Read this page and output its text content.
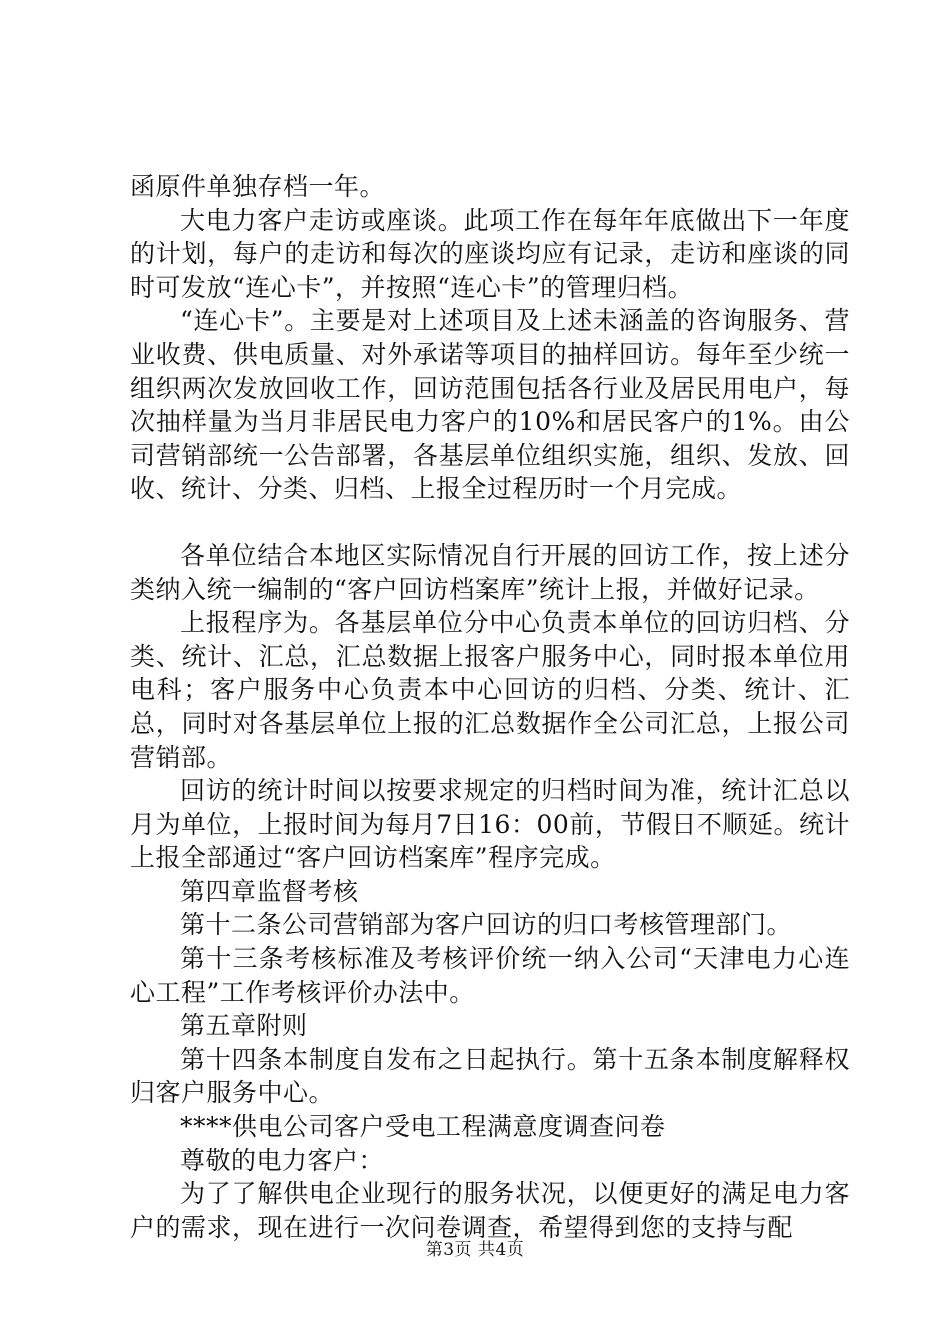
函原件单独存档一年。

大电力客户走访或座谈。此项工作在每年年底做出下一年度的计划，每户的走访和每次的座谈均应有记录，走访和座谈的同时可发放“连心卡”，并按照“连心卡”的管理归档。

“连心卡”。主要是对上述项目及上述未涵盖的咨询服务、营业收费、供电质量、对外承诺等项目的抽样回访。每年至少统一组织两次发放回收工作，回访范围包括各行业及居民用电户，每次抽样量为当月非居民电力客户的10%和居民客户的1%。由公司营销部统一公告部署，各基层单位组织实施，组织、发放、回收、统计、分类、归档、上报全过程历时一个月完成。

各单位结合本地区实际情况自行开展的回访工作，按上述分类纳入统一编制的“客户回访档案库”统计上报，并做好记录。

上报程序为。各基层单位分中心负责本单位的回访归档、分类、统计、汇总，汇总数据上报客户服务中心，同时报本单位用电科；客户服务中心负责本中心回访的归档、分类、统计、汇总，同时对各基层单位上报的汇总数据作全公司汇总，上报公司营销部。

回访的统计时间以按要求规定的归档时间为准，统计汇总以月为单位，上报时间为每月7日16：00前，节假日不顺延。统计上报全部通过“客户回访档案库”程序完成。

第四章监督考核

第十二条公司营销部为客户回访的归口考核管理部门。

第十三条考核标准及考核评价统一纳入公司“天津电力心连心工程”工作考核评价办法中。

第五章附则

第十四条本制度自发布之日起执行。第十五条本制度解释权归客户服务中心。

****供电公司客户受电工程满意度调查问卷

尊敬的电力客户：

为了了解供电企业现行的服务状况，以便更好的满足电力客户的需求，现在进行一次问卷调查，希望得到您的支持与配

第3页 共4页
